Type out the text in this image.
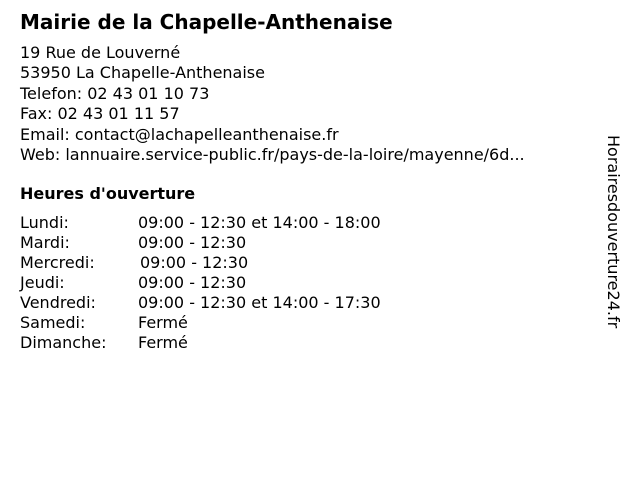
Mairie de la Chapelle-Anthenaise
19 Rue de Louverné
53950 La Chapelle-Anthenaise
Telefon: 02 43 01 10 73
Fax: 02 43 01 11 57
Email: contact@lachapelleanthenaise.fr
Web: lannuaire.service-public.fr/pays-de-la-loire/mayenne/6d...
Heures d'ouverture
Lundi:	09:00 - 12:30 et 14:00 - 18:00
Mardi:	09:00 - 12:30
Mercredi:	09:00 - 12:30
Jeudi:	09:00 - 12:30
Vendredi:	09:00 - 12:30 et 14:00 - 17:30
Samedi:	Fermé
Dimanche: Fermé
Horairesdouverture24.fr
